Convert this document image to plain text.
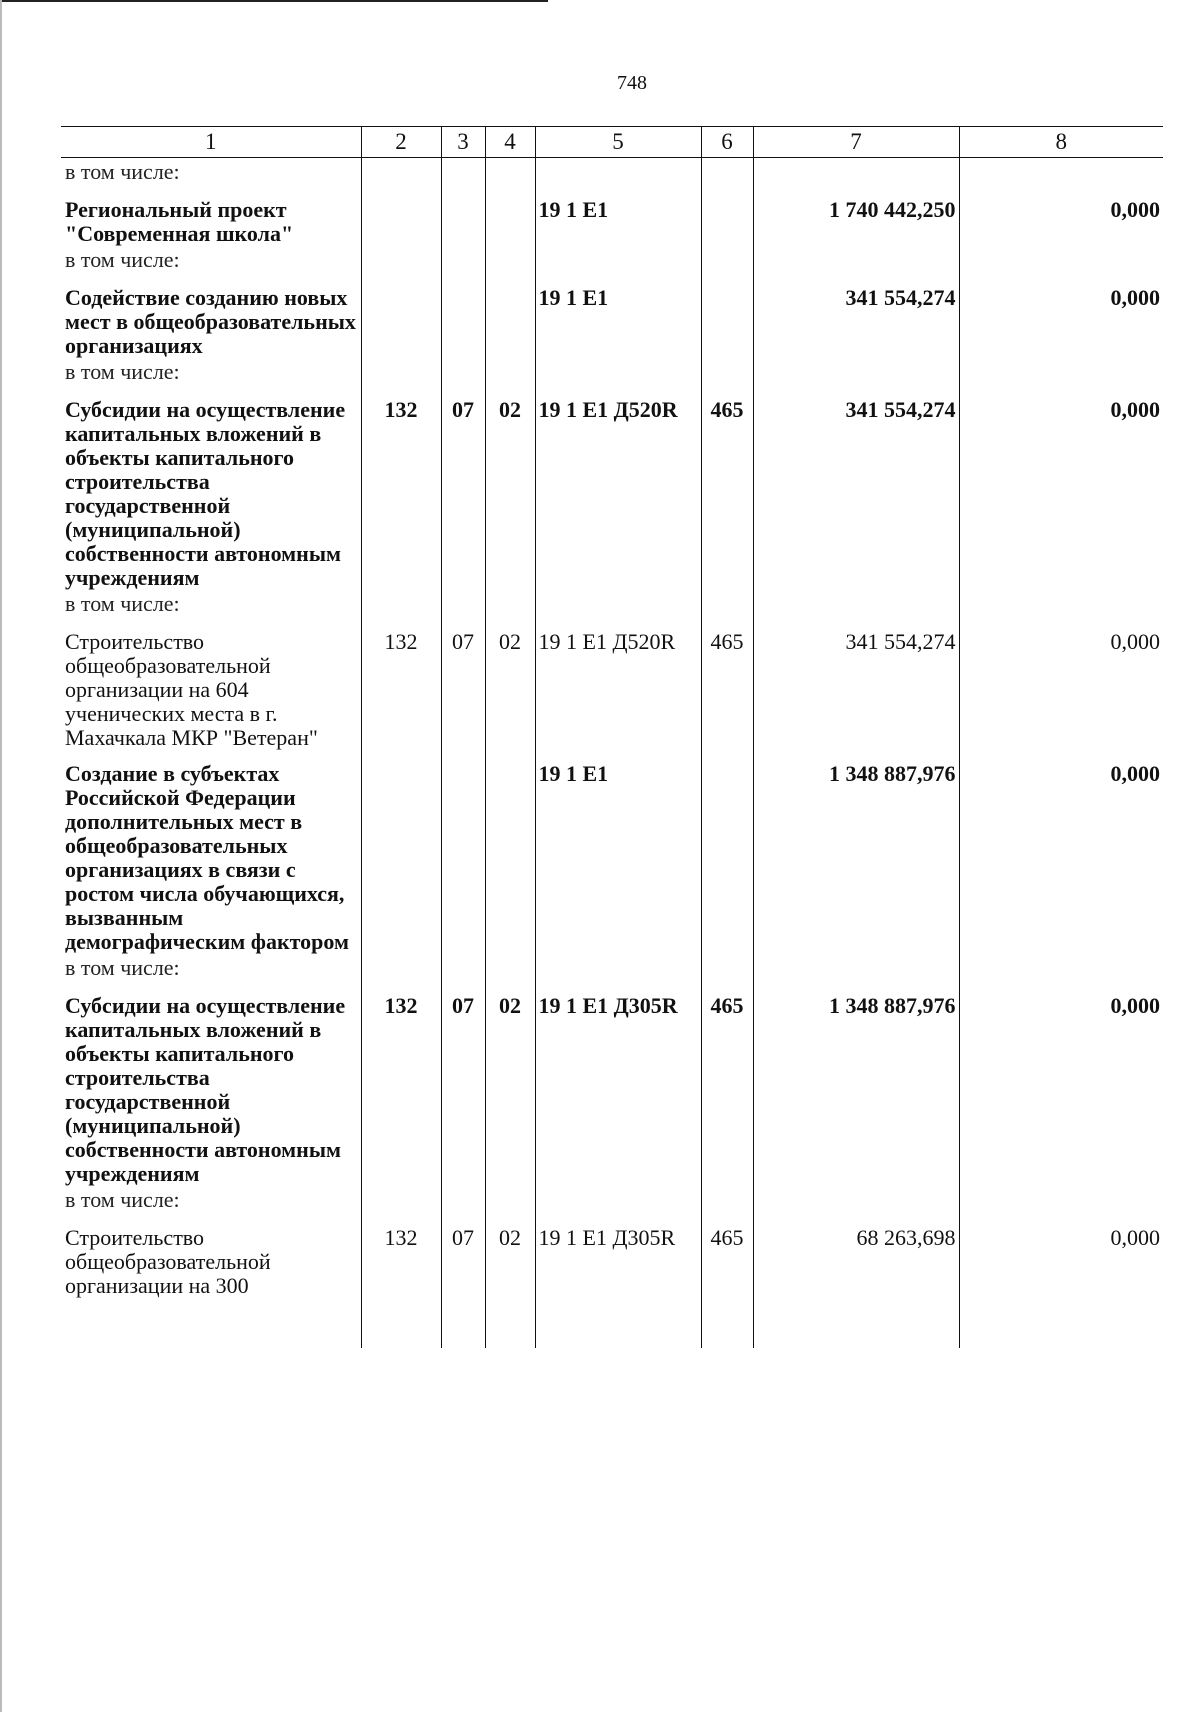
748
1	2	3	4	5	6	7	8
в том числе:							
Региональный проект "Современная школа"				19 1 E1		1 740 442,250	0,000
в том числе:							
Содействие созданию новых мест в общеобразовательных организациях				19 1 E1		341 554,274	0,000
в том числе:							
Субсидии на осуществление капитальных вложений в объекты капитального строительства государственной (муниципальной) собственности автономным учреждениям	132	07	02	19 1 E1 Д520R	465	341 554,274	0,000
в том числе:							
Строительство общеобразовательной организации на 604 ученических места в г. Махачкала МКР "Ветеран"	132	07	02	19 1 E1 Д520R	465	341 554,274	0,000
Создание в субъектах Российской Федерации дополнительных мест в общеобразовательных организациях в связи с ростом числа обучающихся, вызванным демографическим фактором				19 1 E1		1 348 887,976	0,000
в том числе:							
Субсидии на осуществление капитальных вложений в объекты капитального строительства государственной (муниципальной) собственности автономным учреждениям	132	07	02	19 1 E1 Д305R	465	1 348 887,976	0,000
в том числе:							
Строительство общеобразовательной организации на 300	132	07	02	19 1 E1 Д305R	465	68 263,698	0,000
